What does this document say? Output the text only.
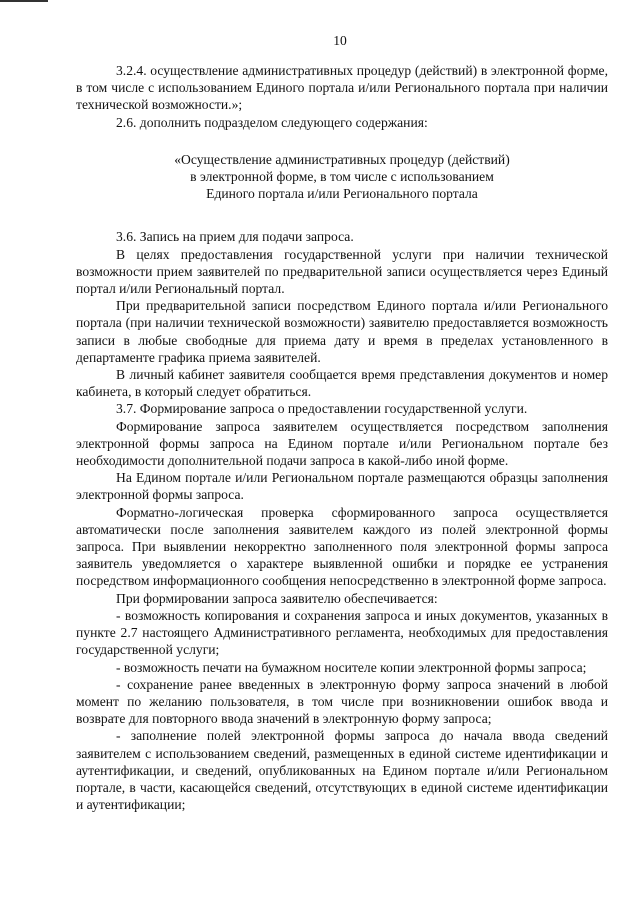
10

3.2.4. осуществление административных процедур (действий) в электронной форме, в том числе с использованием Единого портала и/или Регионального портала при наличии технической возможности.»;

2.6. дополнить подразделом следующего содержания:

«Осуществление административных процедур (действий)
в электронной форме, в том числе с использованием
Единого портала и/или Регионального портала

3.6. Запись на прием для подачи запроса.

В целях предоставления государственной услуги при наличии технической возможности прием заявителей по предварительной записи осуществляется через Единый портал и/или Региональный портал.

При предварительной записи посредством Единого портала и/или Регионального портала (при наличии технической возможности) заявителю предоставляется возможность записи в любые свободные для приема дату и время в пределах установленного в департаменте графика приема заявителей.

В личный кабинет заявителя сообщается время представления документов и номер кабинета, в который следует обратиться.

3.7. Формирование запроса о предоставлении государственной услуги.

Формирование запроса заявителем осуществляется посредством заполнения электронной формы запроса на Едином портале и/или Региональном портале без необходимости дополнительной подачи запроса в какой-либо иной форме.

На Едином портале и/или Региональном портале размещаются образцы заполнения электронной формы запроса.

Форматно-логическая проверка сформированного запроса осуществляется автоматически после заполнения заявителем каждого из полей электронной формы запроса. При выявлении некорректно заполненного поля электронной формы запроса заявитель уведомляется о характере выявленной ошибки и порядке ее устранения посредством информационного сообщения непосредственно в электронной форме запроса.

При формировании запроса заявителю обеспечивается:

- возможность копирования и сохранения запроса и иных документов, указанных в пункте 2.7 настоящего Административного регламента, необходимых для предоставления государственной услуги;

- возможность печати на бумажном носителе копии электронной формы запроса;

- сохранение ранее введенных в электронную форму запроса значений в любой момент по желанию пользователя, в том числе при возникновении ошибок ввода и возврате для повторного ввода значений в электронную форму запроса;

- заполнение полей электронной формы запроса до начала ввода сведений заявителем с использованием сведений, размещенных в единой системе идентификации и аутентификации, и сведений, опубликованных на Едином портале и/или Региональном портале, в части, касающейся сведений, отсутствующих в единой системе идентификации и аутентификации;
